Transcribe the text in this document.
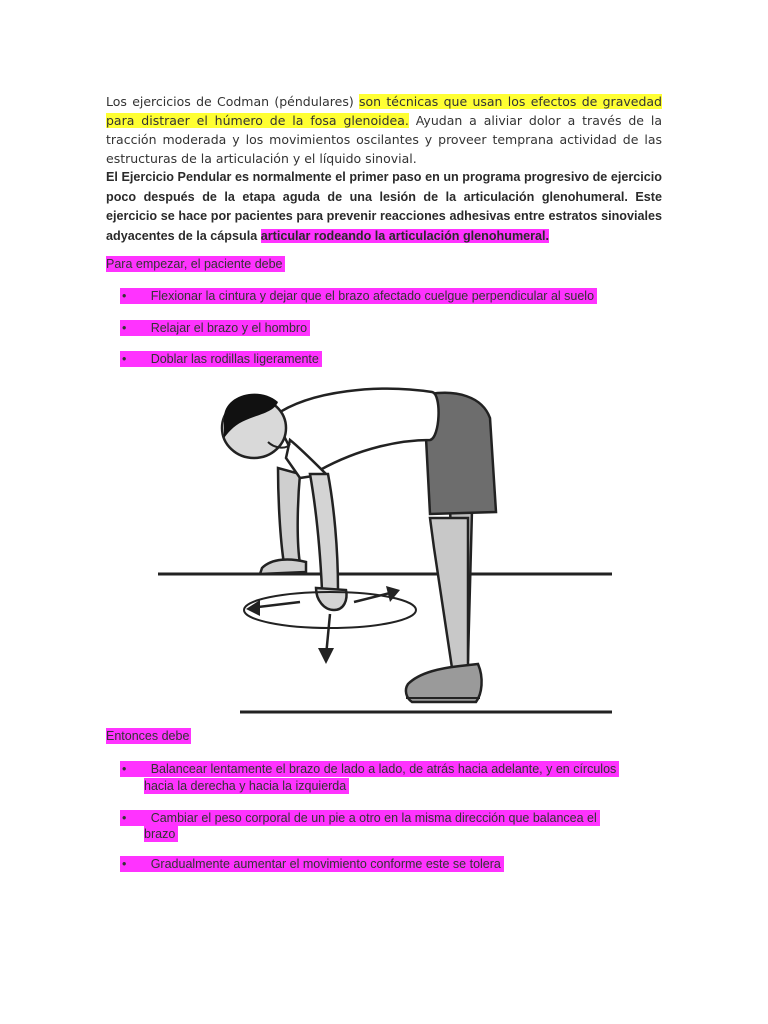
Los ejercicios de Codman (péndulares) son técnicas que usan los efectos de gravedad para distraer el húmero de la fosa glenoidea. Ayudan a aliviar dolor a través de la tracción moderada y los movimientos oscilantes y proveer temprana actividad de las estructuras de la articulación y el líquido sinovial.
El Ejercicio Pendular es normalmente el primer paso en un programa progresivo de ejercicio poco después de la etapa aguda de una lesión de la articulación glenohumeral. Este ejercicio se hace por pacientes para prevenir reacciones adhesivas entre estratos sinoviales adyacentes de la cápsula articular rodeando la articulación glenohumeral.
Para empezar, el paciente debe
• Flexionar la cintura y dejar que el brazo afectado cuelgue perpendicular al suelo
• Relajar el brazo y el hombro
• Doblar las rodillas ligeramente
Entonces debe
• Balancear lentamente el brazo de lado a lado, de atrás hacia adelante, y en círculos
hacia la derecha y hacia la izquierda
• Cambiar el peso corporal de un pie a otro en la misma dirección que balancea el
brazo
• Gradualmente aumentar el movimiento conforme este se tolera
